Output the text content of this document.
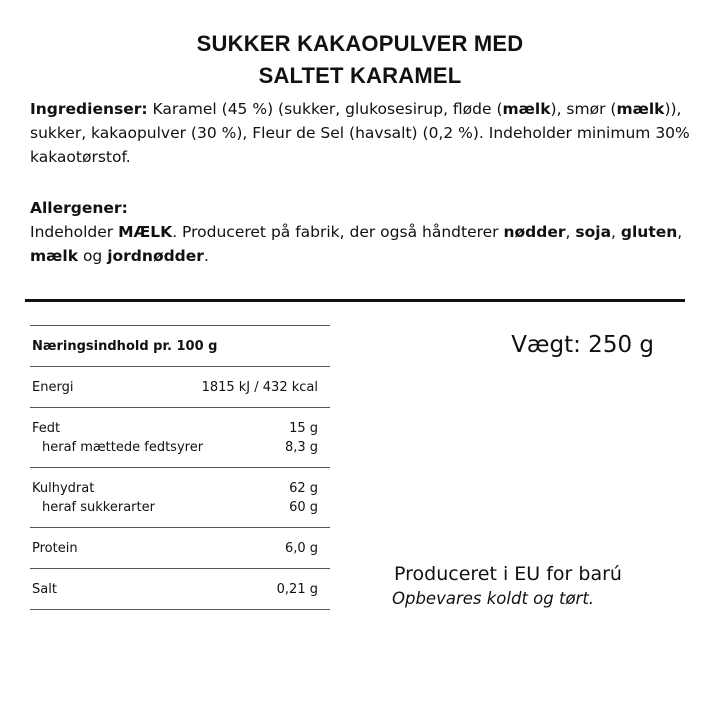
SUKKER KAKAOPULVER MED
SALTET KARAMEL
Ingredienser: Karamel (45 %) (sukker, glukosesirup, fløde (mælk), smør (mælk)), sukker, kakaopulver (30 %), Fleur de Sel (havsalt) (0,2 %). Indeholder minimum 30% kakaotørstof.
Allergener:
Indeholder MÆLK. Produceret på fabrik, der også håndterer nødder, soja, gluten, mælk og jordnødder.
Næringsindhold pr. 100 g
Energi	1815 kJ / 432 kcal
Fedt	15 g
heraf mættede fedtsyrer	8,3 g
Kulhydrat	62 g
heraf sukkerarter	60 g
Protein	6,0 g
Salt	0,21 g
Vægt: 250 g
Produceret i EU for barú
Opbevares koldt og tørt.
